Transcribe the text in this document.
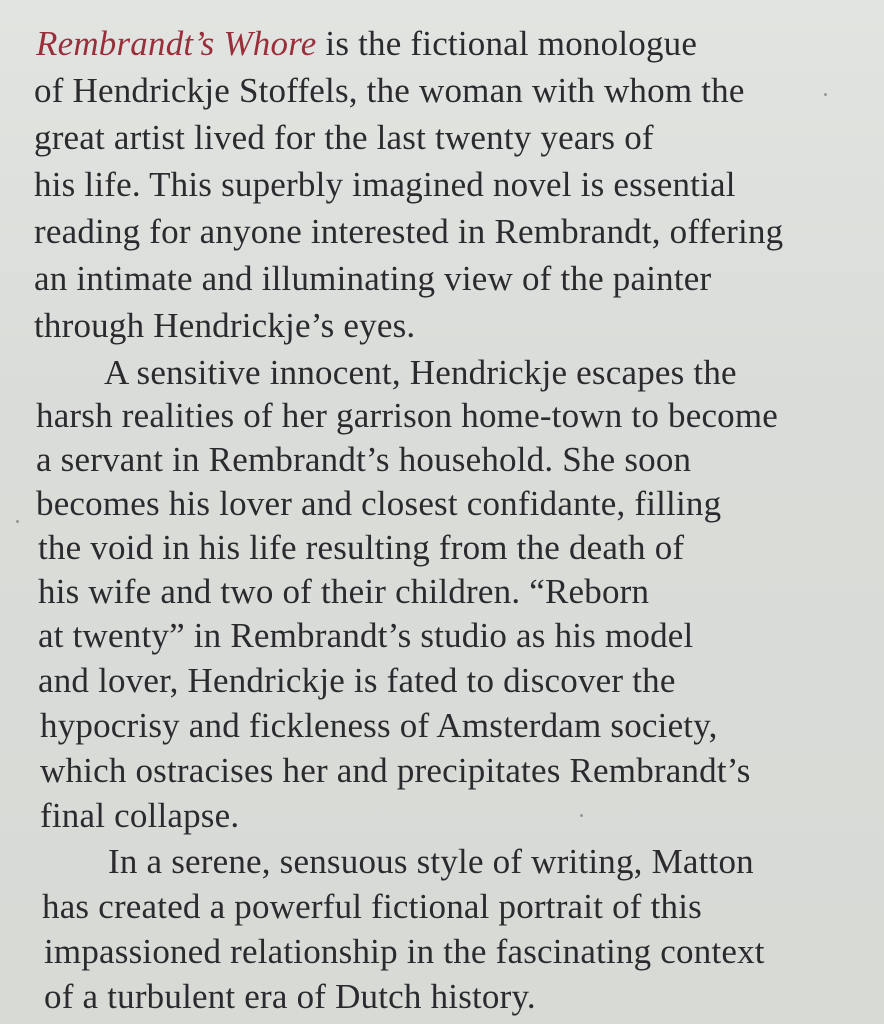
Rembrandt’s Whore is the fictional monologue
of Hendrickje Stoffels, the woman with whom the
great artist lived for the last twenty years of
his life. This superbly imagined novel is essential
reading for anyone interested in Rembrandt, offering
an intimate and illuminating view of the painter
through Hendrickje’s eyes.
A sensitive innocent, Hendrickje escapes the
harsh realities of her garrison home-town to become
a servant in Rembrandt’s household. She soon
becomes his lover and closest confidante, filling
the void in his life resulting from the death of
his wife and two of their children. “Reborn
at twenty” in Rembrandt’s studio as his model
and lover, Hendrickje is fated to discover the
hypocrisy and fickleness of Amsterdam society,
which ostracises her and precipitates Rembrandt’s
final collapse.
In a serene, sensuous style of writing, Matton
has created a powerful fictional portrait of this
impassioned relationship in the fascinating context
of a turbulent era of Dutch history.
